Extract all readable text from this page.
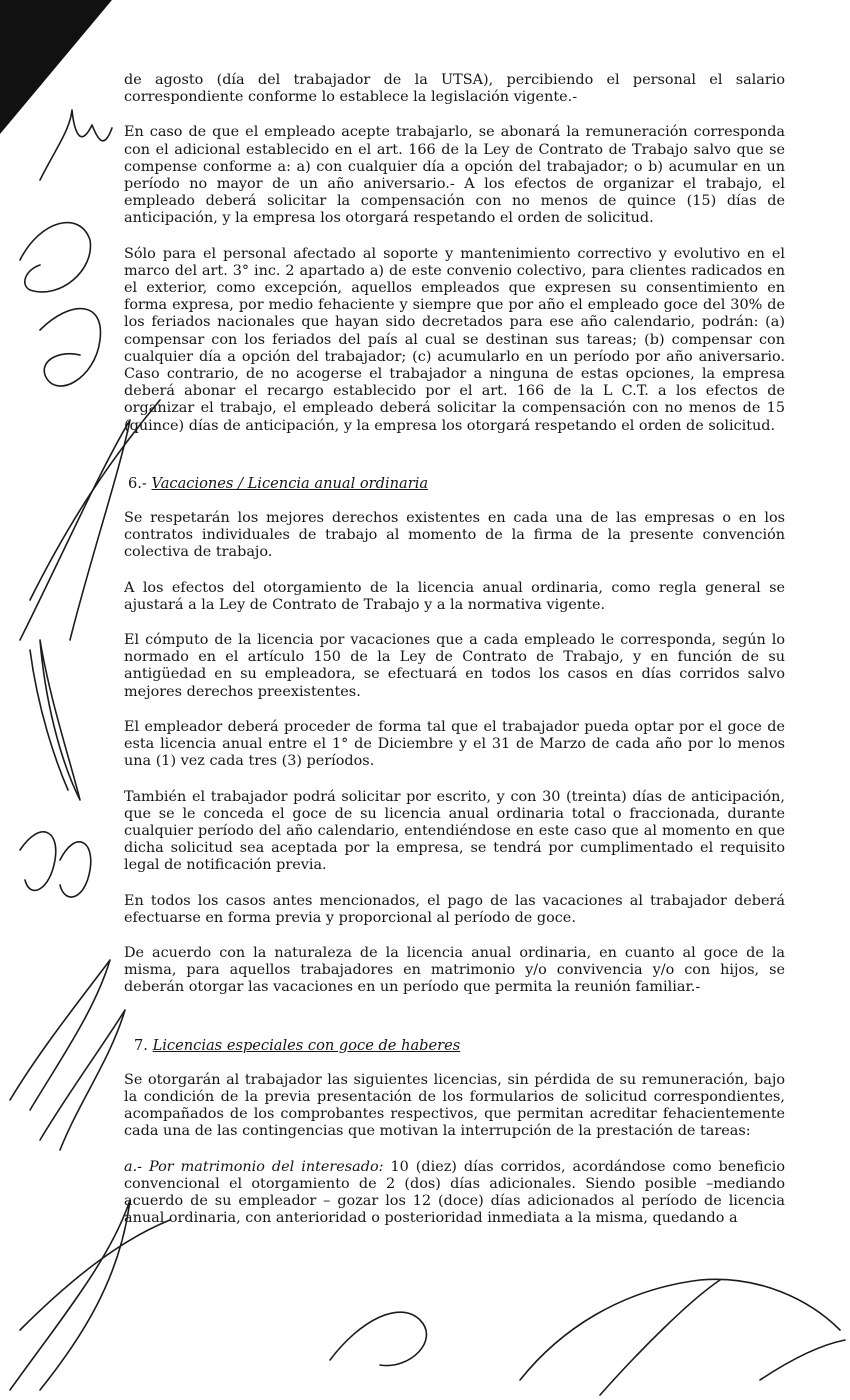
de agosto (día del trabajador de la UTSA), percibiendo el personal el salario correspondiente conforme lo establece la legislación vigente.-

En caso de que el empleado acepte trabajarlo, se abonará la remuneración corresponda con el adicional establecido en el art. 166 de la Ley de Contrato de Trabajo salvo que se compense conforme a: a) con cualquier día a opción del trabajador; o b) acumular en un período no mayor de un año aniversario.- A los efectos de organizar el trabajo, el empleado deberá solicitar la compensación con no menos de quince (15) días de anticipación, y la empresa los otorgará respetando el orden de solicitud.

Sólo para el personal afectado al soporte y mantenimiento correctivo y evolutivo en el marco del art. 3° inc. 2 apartado a) de este convenio colectivo, para clientes radicados en el exterior, como excepción, aquellos empleados que expresen su consentimiento en forma expresa, por medio fehaciente y siempre que por año el empleado goce del 30% de los feriados nacionales que hayan sido decretados para ese año calendario, podrán: (a) compensar con los feriados del país al cual se destinan sus tareas; (b) compensar con cualquier día a opción del trabajador; (c) acumularlo en un período por año aniversario. Caso contrario, de no acogerse el trabajador a ninguna de estas opciones, la empresa deberá abonar el recargo establecido por el art. 166 de la L C.T. a los efectos de organizar el trabajo, el empleado deberá solicitar la compensación con no menos de 15 (quince) días de anticipación, y la empresa los otorgará respetando el orden de solicitud.

6.- Vacaciones / Licencia anual ordinaria

Se respetarán los mejores derechos existentes en cada una de las empresas o en los contratos individuales de trabajo al momento de la firma de la presente convención colectiva de trabajo.

A los efectos del otorgamiento de la licencia anual ordinaria, como regla general se ajustará a la Ley de Contrato de Trabajo y a la normativa vigente.

El cómputo de la licencia por vacaciones que a cada empleado le corresponda, según lo normado en el artículo 150 de la Ley de Contrato de Trabajo, y en función de su antigüedad en su empleadora, se efectuará en todos los casos en días corridos salvo mejores derechos preexistentes.

El empleador deberá proceder de forma tal que el trabajador pueda optar por el goce de esta licencia anual entre el 1° de Diciembre y el 31 de Marzo de cada año por lo menos una (1) vez cada tres (3) períodos.

También el trabajador podrá solicitar por escrito, y con 30 (treinta) días de anticipación, que se le conceda el goce de su licencia anual ordinaria total o fraccionada, durante cualquier período del año calendario, entendiéndose en este caso que al momento en que dicha solicitud sea aceptada por la empresa, se tendrá por cumplimentado el requisito legal de notificación previa.

En todos los casos antes mencionados, el pago de las vacaciones al trabajador deberá efectuarse en forma previa y proporcional al período de goce.

De acuerdo con la naturaleza de la licencia anual ordinaria, en cuanto al goce de la misma, para aquellos trabajadores en matrimonio y/o convivencia y/o con hijos, se deberán otorgar las vacaciones en un período que permita la reunión familiar.-

7. Licencias especiales con goce de haberes

Se otorgarán al trabajador las siguientes licencias, sin pérdida de su remuneración, bajo la condición de la previa presentación de los formularios de solicitud correspondientes, acompañados de los comprobantes respectivos, que permitan acreditar fehacientemente cada una de las contingencias que motivan la interrupción de la prestación de tareas:

a.- Por matrimonio del interesado: 10 (diez) días corridos, acordándose como beneficio convencional el otorgamiento de 2 (dos) días adicionales. Siendo posible –mediando acuerdo de su empleador – gozar los 12 (doce) días adicionados al período de licencia anual ordinaria, con anterioridad o posterioridad inmediata a la misma, quedando a
